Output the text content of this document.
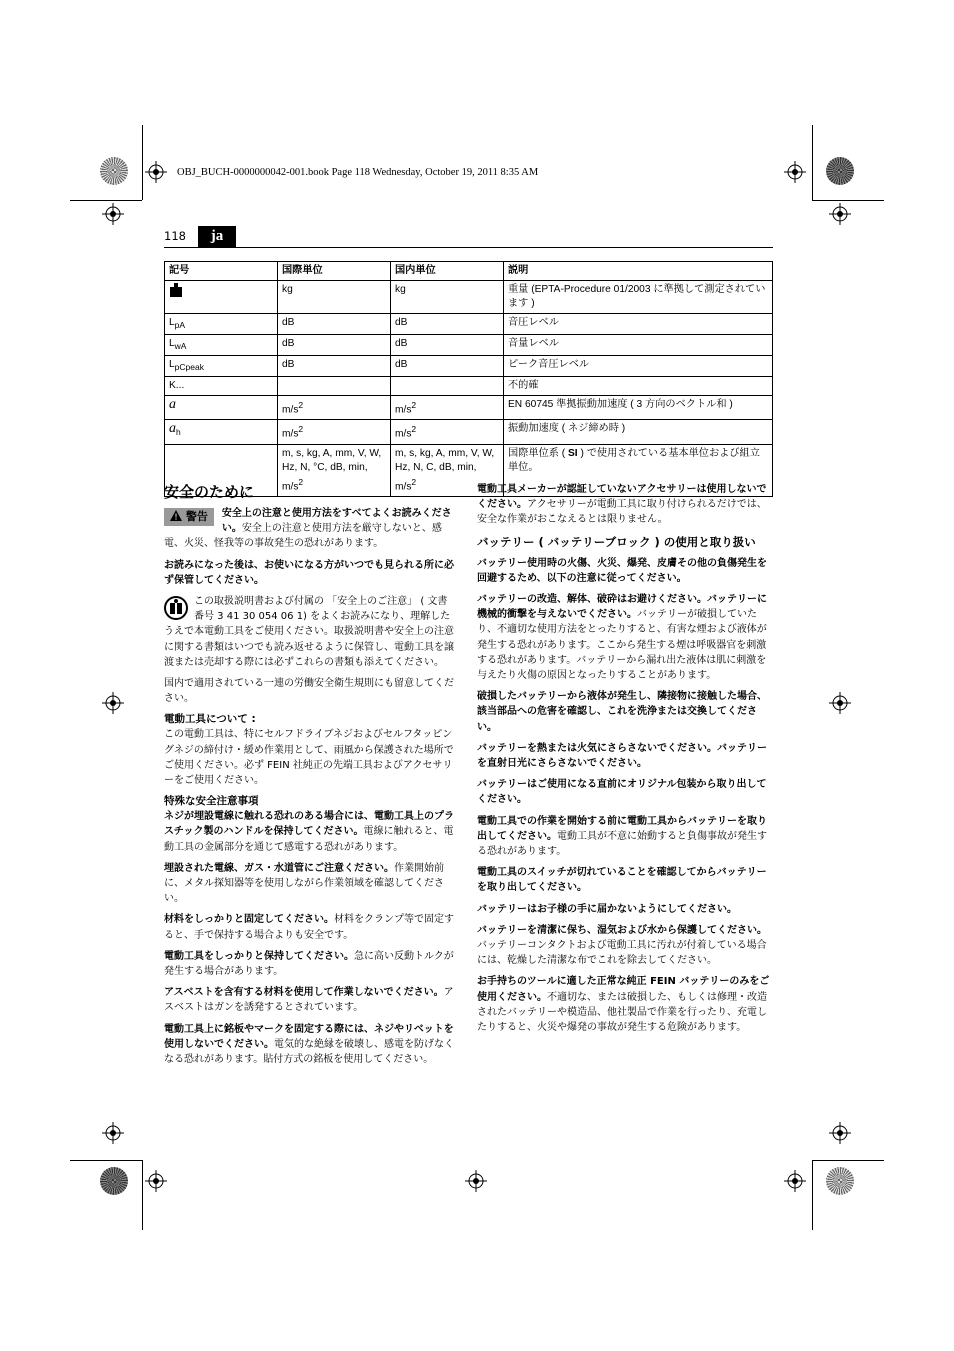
OBJ_BUCH-0000000042-001.book Page 118 Wednesday, October 19, 2011 8:35 AM
118	ja
記号	国際単位	国内単位	説明
	kg	kg	重量 (EPTA-Procedure 01/2003 に準拠して測定されています )
$L_{pA}$	dB	dB	音圧レベル
$L_{wA}$	dB	dB	音量レベル
$L_{pCpeak}$	dB	dB	ピーク音圧レベル
K...			不的確
a	$m/s^2$	$m/s^2$	EN 60745 準拠振動加速度 ( 3 方向のベクトル和 )
$a_h$	$m/s^2$	$m/s^2$	振動加速度 ( ネジ締め時 )
	m, s, kg, A, mm, V, W, Hz, N, °C, dB, min, $m/s^2$	m, s, kg, A, mm, V, W, Hz, N, C, dB, min, $m/s^2$	国際単位系 ( SI ) で使用されている基本単位および組立単位。
安全のために

警告	安全上の注意と使用方法をすべてよくお読みください。安全上の注意と使用方法を厳守しないと、感電、火災、怪我等の事故発生の恐れがあります。

お読みになった後は、お使いになる方がいつでも見られる所に必ず保管してください。

この取扱説明書および付属の 「安全上のご注意」 ( 文書番号 3 41 30 054 06 1) をよくお読みになり、理解したうえで本電動工具をご使用ください。取扱説明書や安全上の注意に関する書類はいつでも読み返せるように保管し、電動工具を譲渡または売却する際には必ずこれらの書類も添えてください。

国内で適用されている一連の労働安全衛生規則にも留意してください。

電動工具について :

この電動工具は、特にセルフドライブネジおよびセルフタッピングネジの締付け・緩め作業用として、雨風から保護された場所でご使用ください。必ず FEIN 社純正の先端工具およびアクセサリーをご使用ください。

特殊な安全注意事項

ネジが埋設電線に触れる恐れのある場合には、電動工具上のプラスチック製のハンドルを保持してください。電線に触れると、電動工具の金属部分を通じて感電する恐れがあります。

埋設された電線、ガス・水道管にご注意ください。作業開始前に、メタル探知器等を使用しながら作業領域を確認してください。

材料をしっかりと固定してください。材料をクランプ等で固定すると、手で保持する場合よりも安全です。

電動工具をしっかりと保持してください。急に高い反動トルクが発生する場合があります。

アスベストを含有する材料を使用して作業しないでください。アスベストはガンを誘発するとされています。

電動工具上に銘板やマークを固定する際には、ネジやリベットを使用しないでください。電気的な絶縁を破壊し、感電を防げなくなる恐れがあります。貼付方式の銘板を使用してください。

電動工具メーカーが認証していないアクセサリーは使用しないでください。アクセサリーが電動工具に取り付けられるだけでは、安全な作業がおこなえるとは限りません。

バッテリー ( バッテリーブロック ) の使用と取り扱い

バッテリー使用時の火傷、火災、爆発、皮膚その他の負傷発生を回避するため、以下の注意に従ってください。

バッテリーの改造、解体、破砕はお避けください。バッテリーに機械的衝撃を与えないでください。バッテリーが破損していたり、不適切な使用方法をとったりすると、有害な煙および液体が発生する恐れがあります。ここから発生する煙は呼吸器官を刺激する恐れがあります。バッテリーから漏れ出た液体は肌に刺激を与えたり火傷の原因となったりすることがあります。

破損したバッテリーから液体が発生し、隣接物に接触した場合、該当部品への危害を確認し、これを洗浄または交換してください。

バッテリーを熱または火気にさらさないでください。バッテリーを直射日光にさらさないでください。

バッテリーはご使用になる直前にオリジナル包装から取り出してください。

電動工具での作業を開始する前に電動工具からバッテリーを取り出してください。電動工具が不意に始動すると負傷事故が発生する恐れがあります。

電動工具のスイッチが切れていることを確認してからバッテリーを取り出してください。

バッテリーはお子様の手に届かないようにしてください。

バッテリーを清潔に保ち、湿気および水から保護してください。バッテリーコンタクトおよび電動工具に汚れが付着している場合には、乾燥した清潔な布でこれを除去してください。

お手持ちのツールに適した正常な純正 FEIN バッテリーのみをご使用ください。不適切な、または破損した、もしくは修理・改造されたバッテリーや模造品、他社製品で作業を行ったり、充電したりすると、火災や爆発の事故が発生する危険があります。
